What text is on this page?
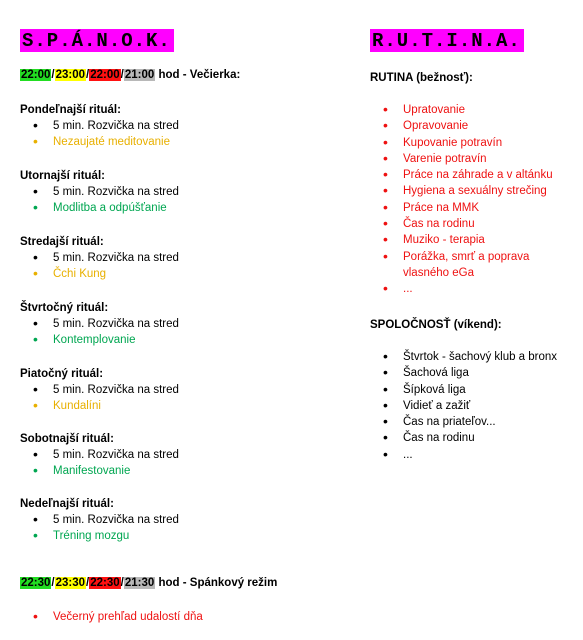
S.P.Á.N.O.K.
22:00/23:00/22:00/21:00 hod - Večierka:
Pondeľnajší rituál:
• 5 min. Rozvička na stred
• Nezaujaté meditovanie
Utornajší rituál:
• 5 min. Rozvička na stred
• Modlitba a odpúšťanie
Stredajší rituál:
• 5 min. Rozvička na stred
• Čchi Kung
Štvrtočný rituál:
• 5 min. Rozvička na stred
• Kontemplovanie
Piatočný rituál:
• 5 min. Rozvička na stred
• Kundalíni
Sobotnajší rituál:
• 5 min. Rozvička na stred
• Manifestovanie
Nedeľnajší rituál:
• 5 min. Rozvička na stred
• Tréning mozgu
22:30/23:30/22:30/21:30 hod - Spánkový režim
• Večerný prehľad udalostí dňa
R.U.T.I.N.A.
RUTINA (bežnosť):
• Upratovanie
• Opravovanie
• Kupovanie potravín
• Varenie potravín
• Práce na záhrade a v altánku
• Hygiena a sexuálny strečing
• Práce na MMK
• Čas na rodinu
• Muziko - terapia
• Porážka, smrť a poprava vlasného eGa
• ...
SPOLOČNOSŤ (víkend):
• Štvrtok - šachový klub a bronx
• Šachová liga
• Šípková liga
• Vidieť a zažiť
• Čas na priateľov...
• Čas na rodinu
• ...
